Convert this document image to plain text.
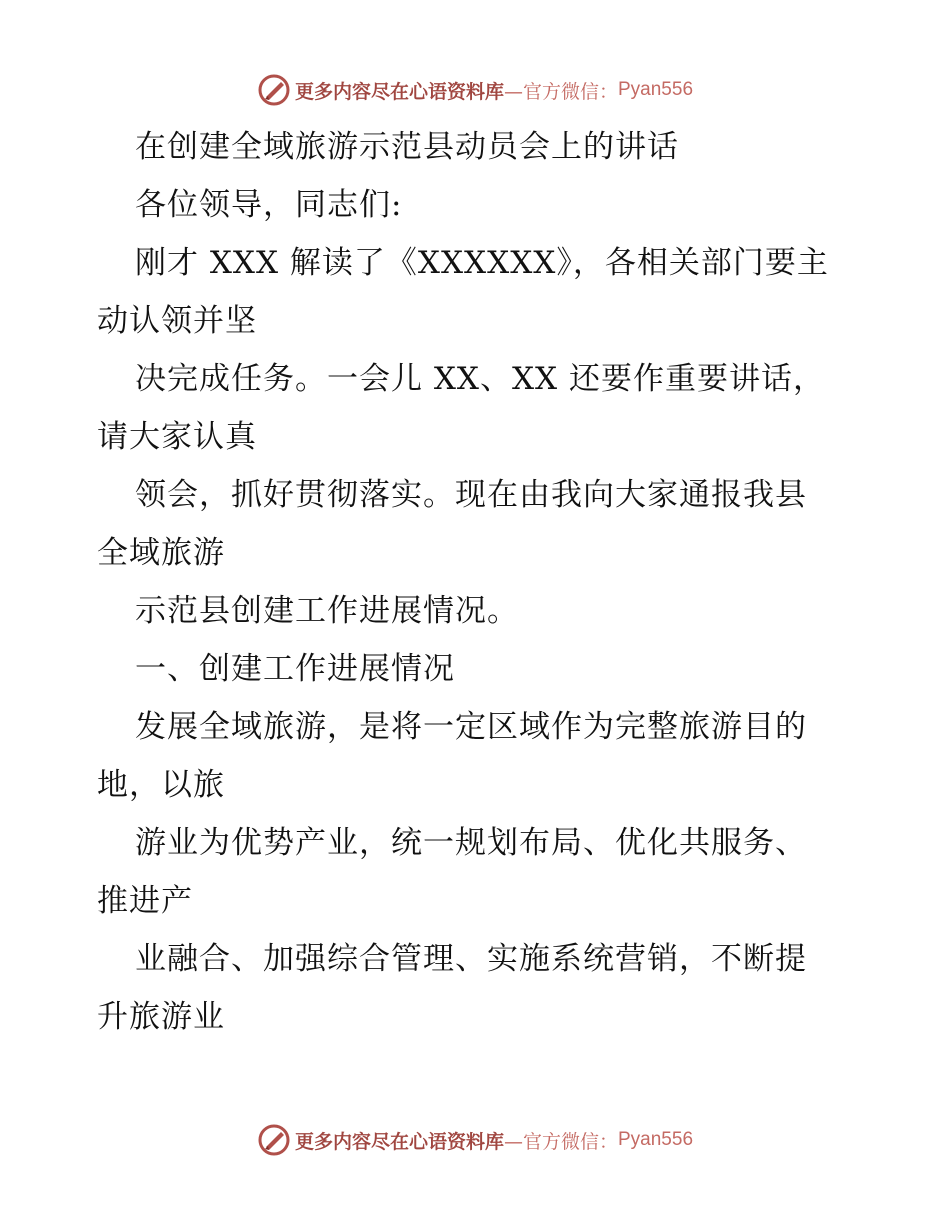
更多内容尽在心语资料库 —官方微信： Pyan556
在创建全域旅游示范县动员会上的讲话
各位领导，同志们:
刚才 XXX 解读了《XXXXXX》，各相关部门要主
动认领并坚
决完成任务。一会儿 XX、XX 还要作重要讲话，
请大家认真
领会，抓好贯彻落实。现在由我向大家通报我县
全域旅游
示范县创建工作进展情况。
一、创建工作进展情况
发展全域旅游，是将一定区域作为完整旅游目的
地，以旅
游业为优势产业，统一规划布局、优化共服务、
推进产
业融合、加强综合管理、实施系统营销，不断提
升旅游业
更多内容尽在心语资料库 —官方微信： Pyan556
